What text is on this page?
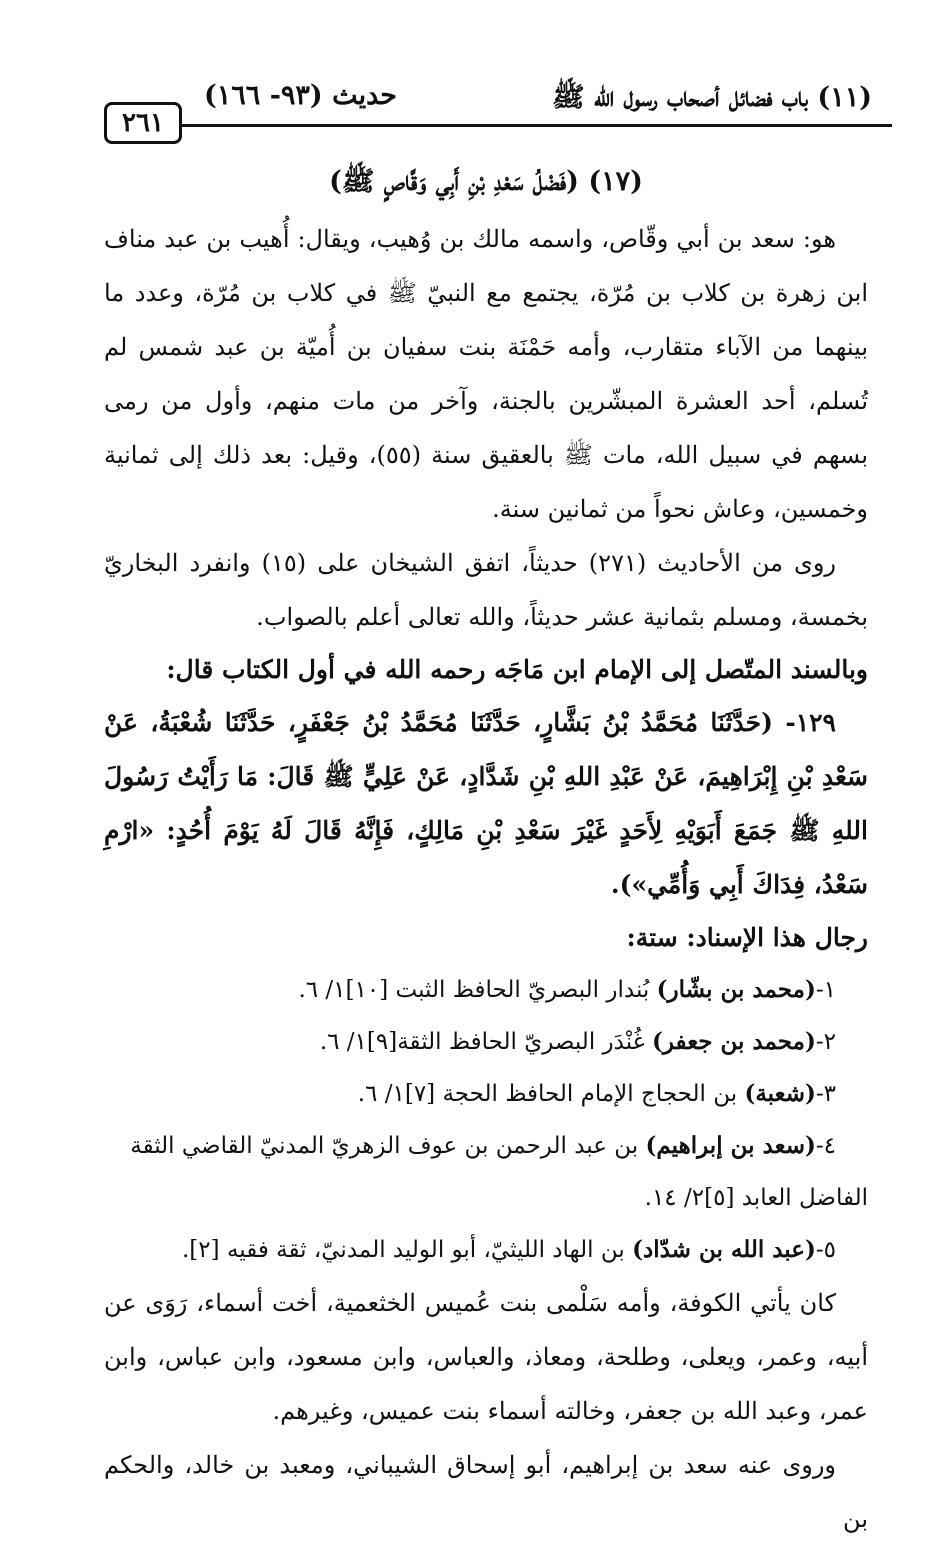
(١١) باب فضائل أصحاب رسول الله ﷺ
حديث (٩٣- ١٦٦)
٢٦١
(١٧) (فَضْلُ سَعْدِ بْنِ أَبِي وَقَّاصٍ ﷺ)

هو: سعد بن أبي وقّاص، واسمه مالك بن وُهيب، ويقال: أُهيب بن عبد مناف ابن زهرة بن كلاب بن مُرّة، يجتمع مع النبيّ ﷺ في كلاب بن مُرّة، وعدد ما بينهما من الآباء متقارب، وأمه حَمْنَة بنت سفيان بن أُميّة بن عبد شمس لم تُسلم، أحد العشرة المبشّرين بالجنة، وآخر من مات منهم، وأول من رمى بسهم في سبيل الله، مات ﷺ بالعقيق سنة (٥٥)، وقيل: بعد ذلك إلى ثمانية وخمسين، وعاش نحواً من ثمانين سنة.

روى من الأحاديث (٢٧١) حديثاً، اتفق الشيخان على (١٥) وانفرد البخاريّ بخمسة، ومسلم بثمانية عشر حديثاً، والله تعالى أعلم بالصواب.

وبالسند المتّصل إلى الإمام ابن مَاجَه رحمه الله في أول الكتاب قال:

١٢٩- (حَدَّثَنَا مُحَمَّدُ بْنُ بَشَّارٍ، حَدَّثَنَا مُحَمَّدُ بْنُ جَعْفَرٍ، حَدَّثَنَا شُعْبَةُ، عَنْ سَعْدِ بْنِ إِبْرَاهِيمَ، عَنْ عَبْدِ اللهِ بْنِ شَدَّادٍ، عَنْ عَلِيٍّ ﷺ قَالَ: مَا رَأَيْتُ رَسُولَ اللهِ ﷺ جَمَعَ أَبَوَيْهِ لِأَحَدٍ غَيْرَ سَعْدِ بْنِ مَالِكٍ، فَإِنَّهُ قَالَ لَهُ يَوْمَ أُحُدٍ: «ارْمِ سَعْدُ، فِدَاكَ أَبِي وَأُمِّي»).

رجال هذا الإسناد: ستة:

١-(محمد بن بشّار) بُندار البصريّ الحافظ الثبت [١٠]١/ ٦.

٢-(محمد بن جعفر) غُنْدَر البصريّ الحافظ الثقة[٩]١/ ٦.

٣-(شعبة) بن الحجاج الإمام الحافظ الحجة [٧]١/ ٦.

٤-(سعد بن إبراهيم) بن عبد الرحمن بن عوف الزهريّ المدنيّ القاضي الثقة الفاضل العابد [٥]٢/ ١٤.

٥-(عبد الله بن شدّاد) بن الهاد الليثيّ، أبو الوليد المدنيّ، ثقة فقيه [٢].

كان يأتي الكوفة، وأمه سَلْمى بنت عُميس الخثعمية، أخت أسماء، رَوَى عن أبيه، وعمر، ويعلى، وطلحة، ومعاذ، والعباس، وابن مسعود، وابن عباس، وابن عمر، وعبد الله بن جعفر، وخالته أسماء بنت عميس، وغيرهم.

وروى عنه سعد بن إبراهيم، أبو إسحاق الشيباني، ومعبد بن خالد، والحكم بن
